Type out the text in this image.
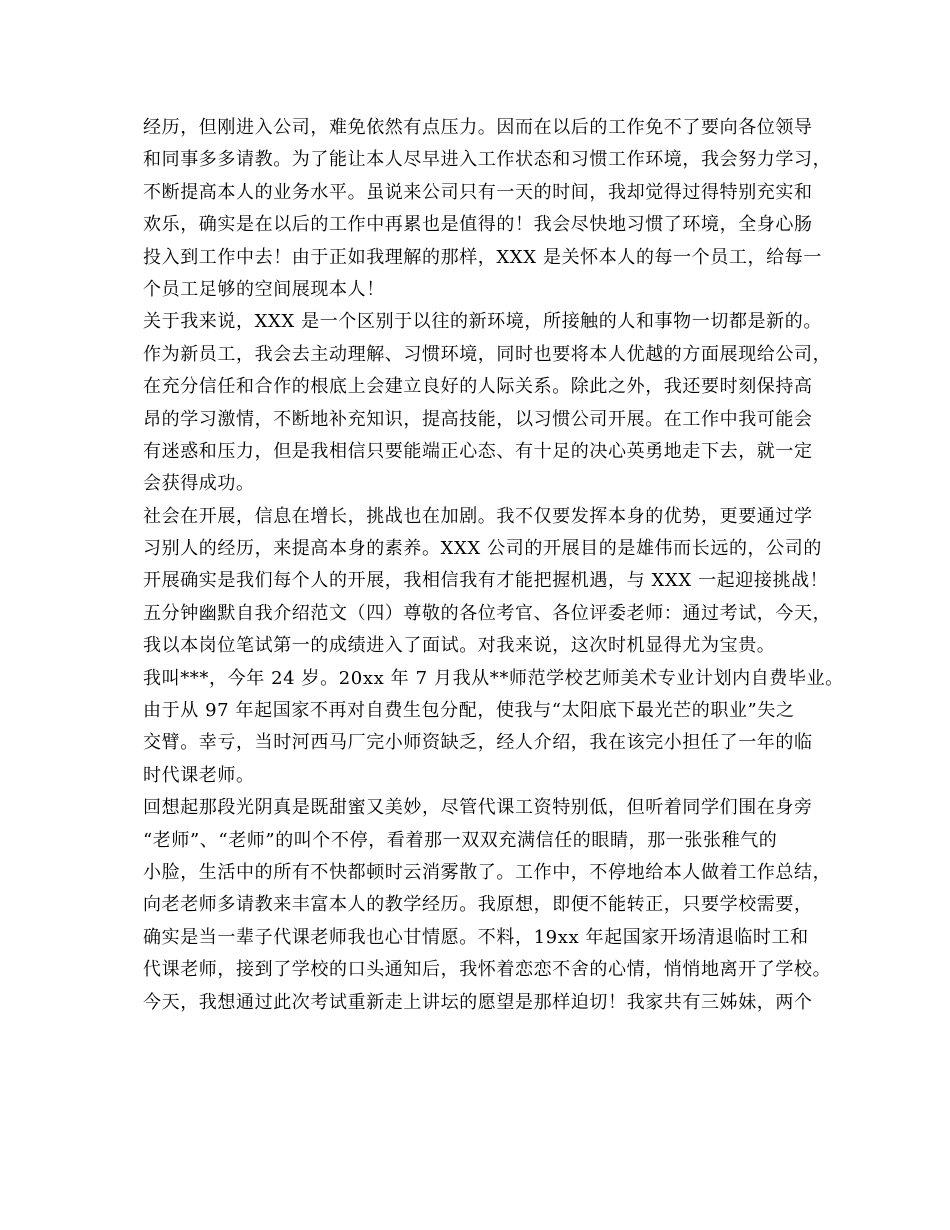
经历，但刚进入公司，难免依然有点压力。因而在以后的工作免不了要向各位领导
和同事多多请教。为了能让本人尽早进入工作状态和习惯工作环境，我会努力学习，
不断提高本人的业务水平。虽说来公司只有一天的时间，我却觉得过得特别充实和
欢乐，确实是在以后的工作中再累也是值得的！我会尽快地习惯了环境，全身心肠
投入到工作中去！由于正如我理解的那样，XXX 是关怀本人的每一个员工，给每一
个员工足够的空间展现本人！
关于我来说，XXX 是一个区别于以往的新环境，所接触的人和事物一切都是新的。
作为新员工，我会去主动理解、习惯环境，同时也要将本人优越的方面展现给公司，
在充分信任和合作的根底上会建立良好的人际关系。除此之外，我还要时刻保持高
昂的学习激情，不断地补充知识，提高技能，以习惯公司开展。在工作中我可能会
有迷惑和压力，但是我相信只要能端正心态、有十足的决心英勇地走下去，就一定
会获得成功。
社会在开展，信息在增长，挑战也在加剧。我不仅要发挥本身的优势，更要通过学
习别人的经历，来提高本身的素养。XXX 公司的开展目的是雄伟而长远的，公司的
开展确实是我们每个人的开展，我相信我有才能把握机遇，与 XXX 一起迎接挑战！
五分钟幽默自我介绍范文（四）尊敬的各位考官、各位评委老师：通过考试，今天，
我以本岗位笔试第一的成绩进入了面试。对我来说，这次时机显得尤为宝贵。
我叫***，今年 24 岁。20xx 年 7 月我从**师范学校艺师美术专业计划内自费毕业。
由于从 97 年起国家不再对自费生包分配，使我与“太阳底下最光芒的职业”失之
交臂。幸亏，当时河西马厂完小师资缺乏，经人介绍，我在该完小担任了一年的临
时代课老师。
回想起那段光阴真是既甜蜜又美妙，尽管代课工资特别低，但听着同学们围在身旁
“老师”、“老师”的叫个不停，看着那一双双充满信任的眼睛，那一张张稚气的
小脸，生活中的所有不快都顿时云消雾散了。工作中，不停地给本人做着工作总结，
向老老师多请教来丰富本人的教学经历。我原想，即便不能转正，只要学校需要，
确实是当一辈子代课老师我也心甘情愿。不料，19xx 年起国家开场清退临时工和
代课老师，接到了学校的口头通知后，我怀着恋恋不舍的心情，悄悄地离开了学校。
今天，我想通过此次考试重新走上讲坛的愿望是那样迫切！我家共有三姊妹，两个
